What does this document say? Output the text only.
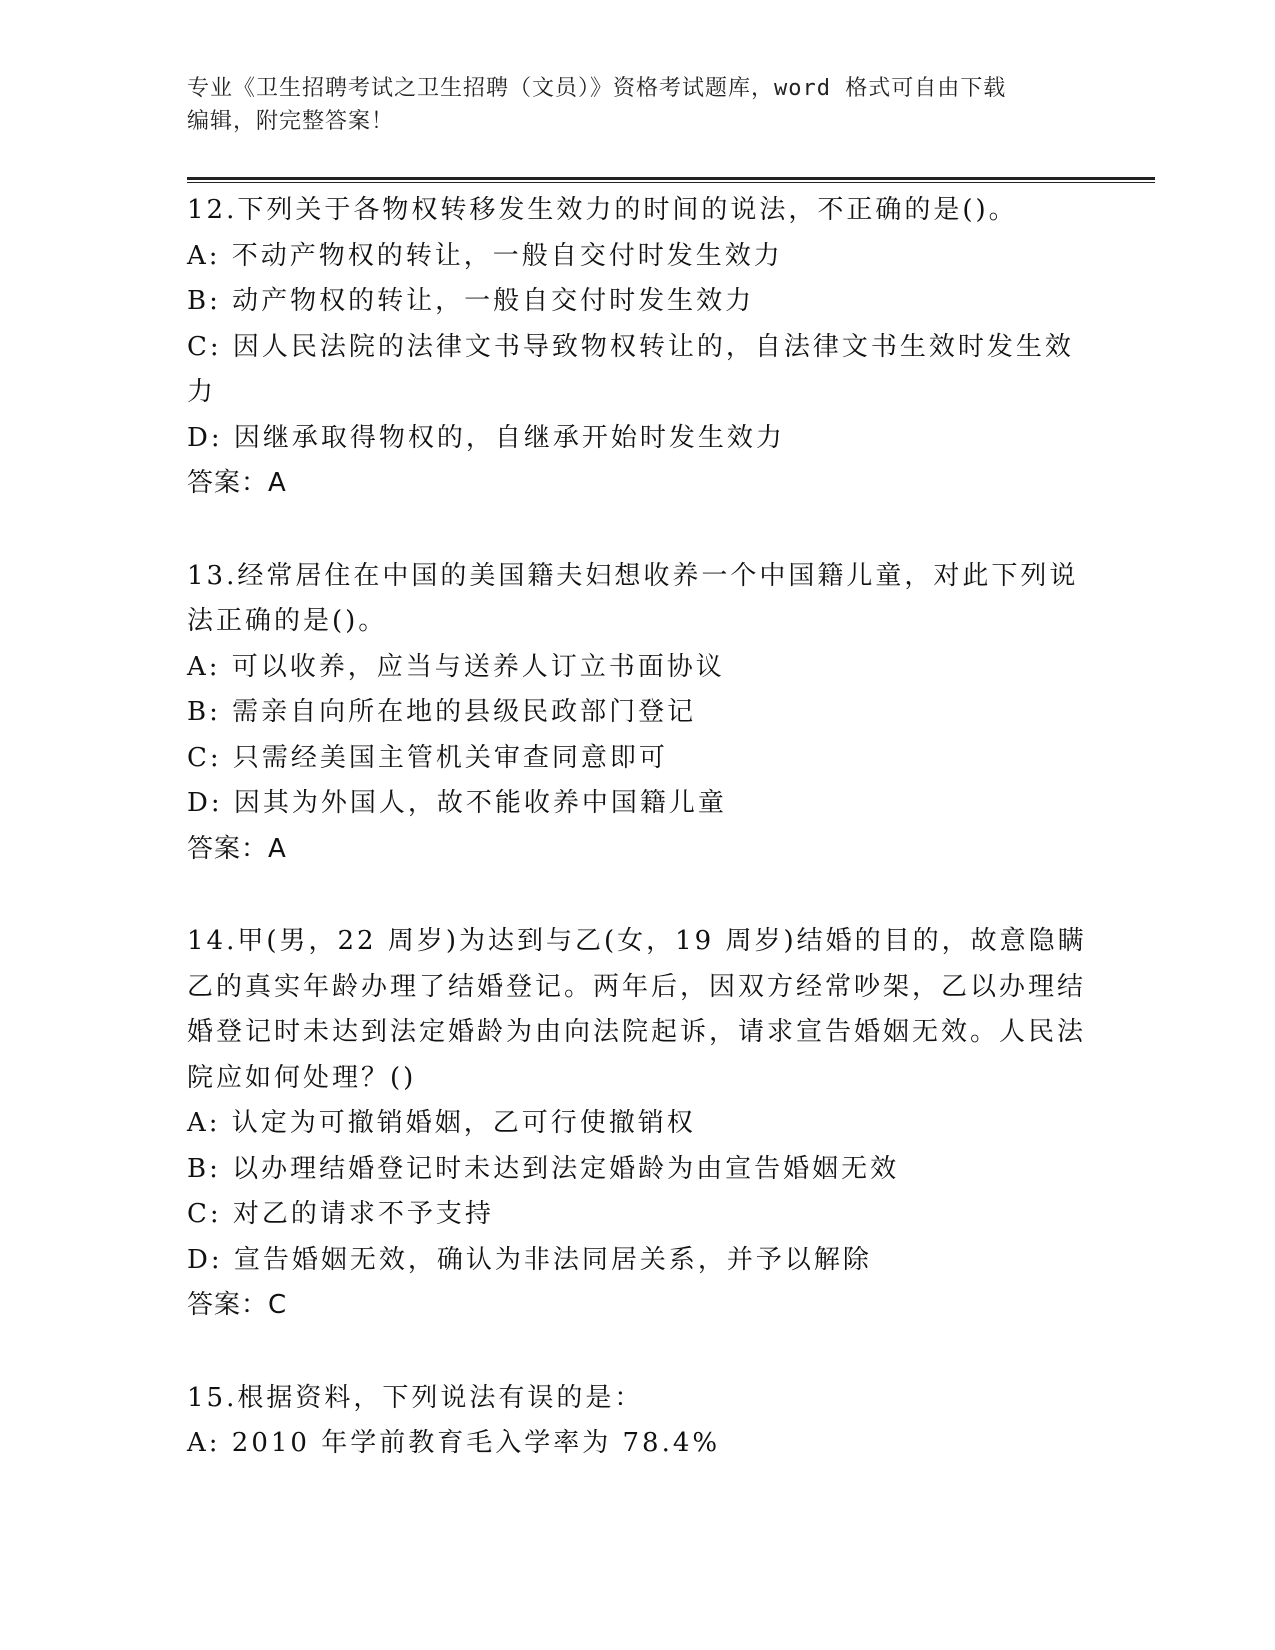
专业《卫生招聘考试之卫生招聘（文员）》资格考试题库，word 格式可自由下载
编辑，附完整答案！

12.下列关于各物权转移发生效力的时间的说法，不正确的是()。

A: 不动产物权的转让，一般自交付时发生效力

B: 动产物权的转让，一般自交付时发生效力

C: 因人民法院的法律文书导致物权转让的，自法律文书生效时发生效力

D: 因继承取得物权的，自继承开始时发生效力

答案：A

13.经常居住在中国的美国籍夫妇想收养一个中国籍儿童，对此下列说法正确的是()。

A: 可以收养，应当与送养人订立书面协议

B: 需亲自向所在地的县级民政部门登记

C: 只需经美国主管机关审查同意即可

D: 因其为外国人，故不能收养中国籍儿童

答案：A

14.甲(男，22 周岁)为达到与乙(女，19 周岁)结婚的目的，故意隐瞒乙的真实年龄办理了结婚登记。两年后，因双方经常吵架，乙以办理结婚登记时未达到法定婚龄为由向法院起诉，请求宣告婚姻无效。人民法院应如何处理？()

A: 认定为可撤销婚姻，乙可行使撤销权

B: 以办理结婚登记时未达到法定婚龄为由宣告婚姻无效

C: 对乙的请求不予支持

D: 宣告婚姻无效，确认为非法同居关系，并予以解除

答案：C

15.根据资料，下列说法有误的是：

A: 2010 年学前教育毛入学率为 78.4%
